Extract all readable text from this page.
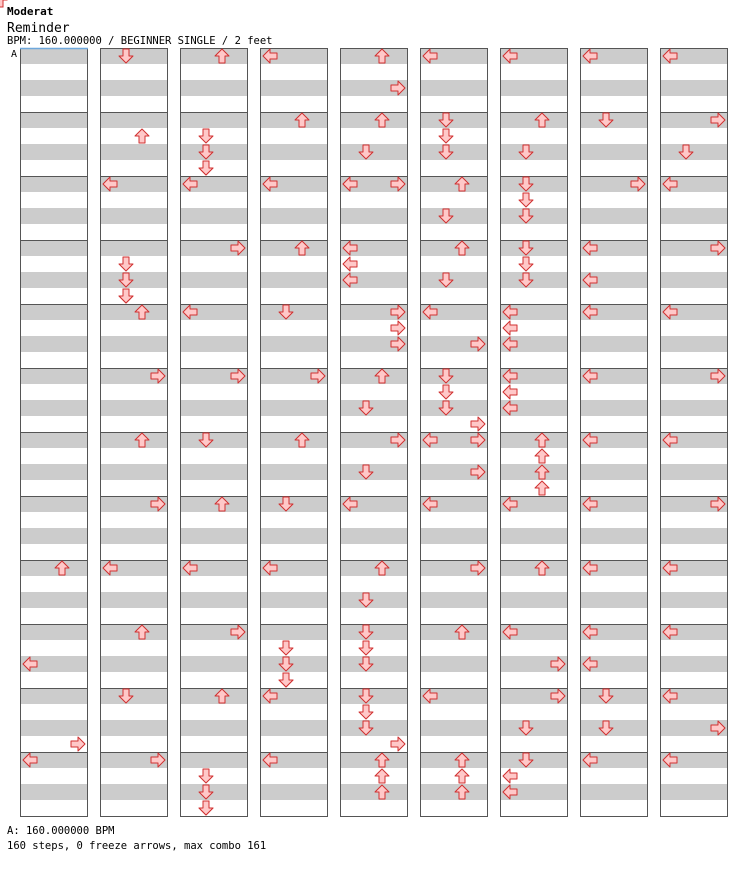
Moderat
Reminder
BPM: 160.000000 / BEGINNER SINGLE / 2 feet
A
A: 160.000000 BPM
160 steps, 0 freeze arrows, max combo 161
